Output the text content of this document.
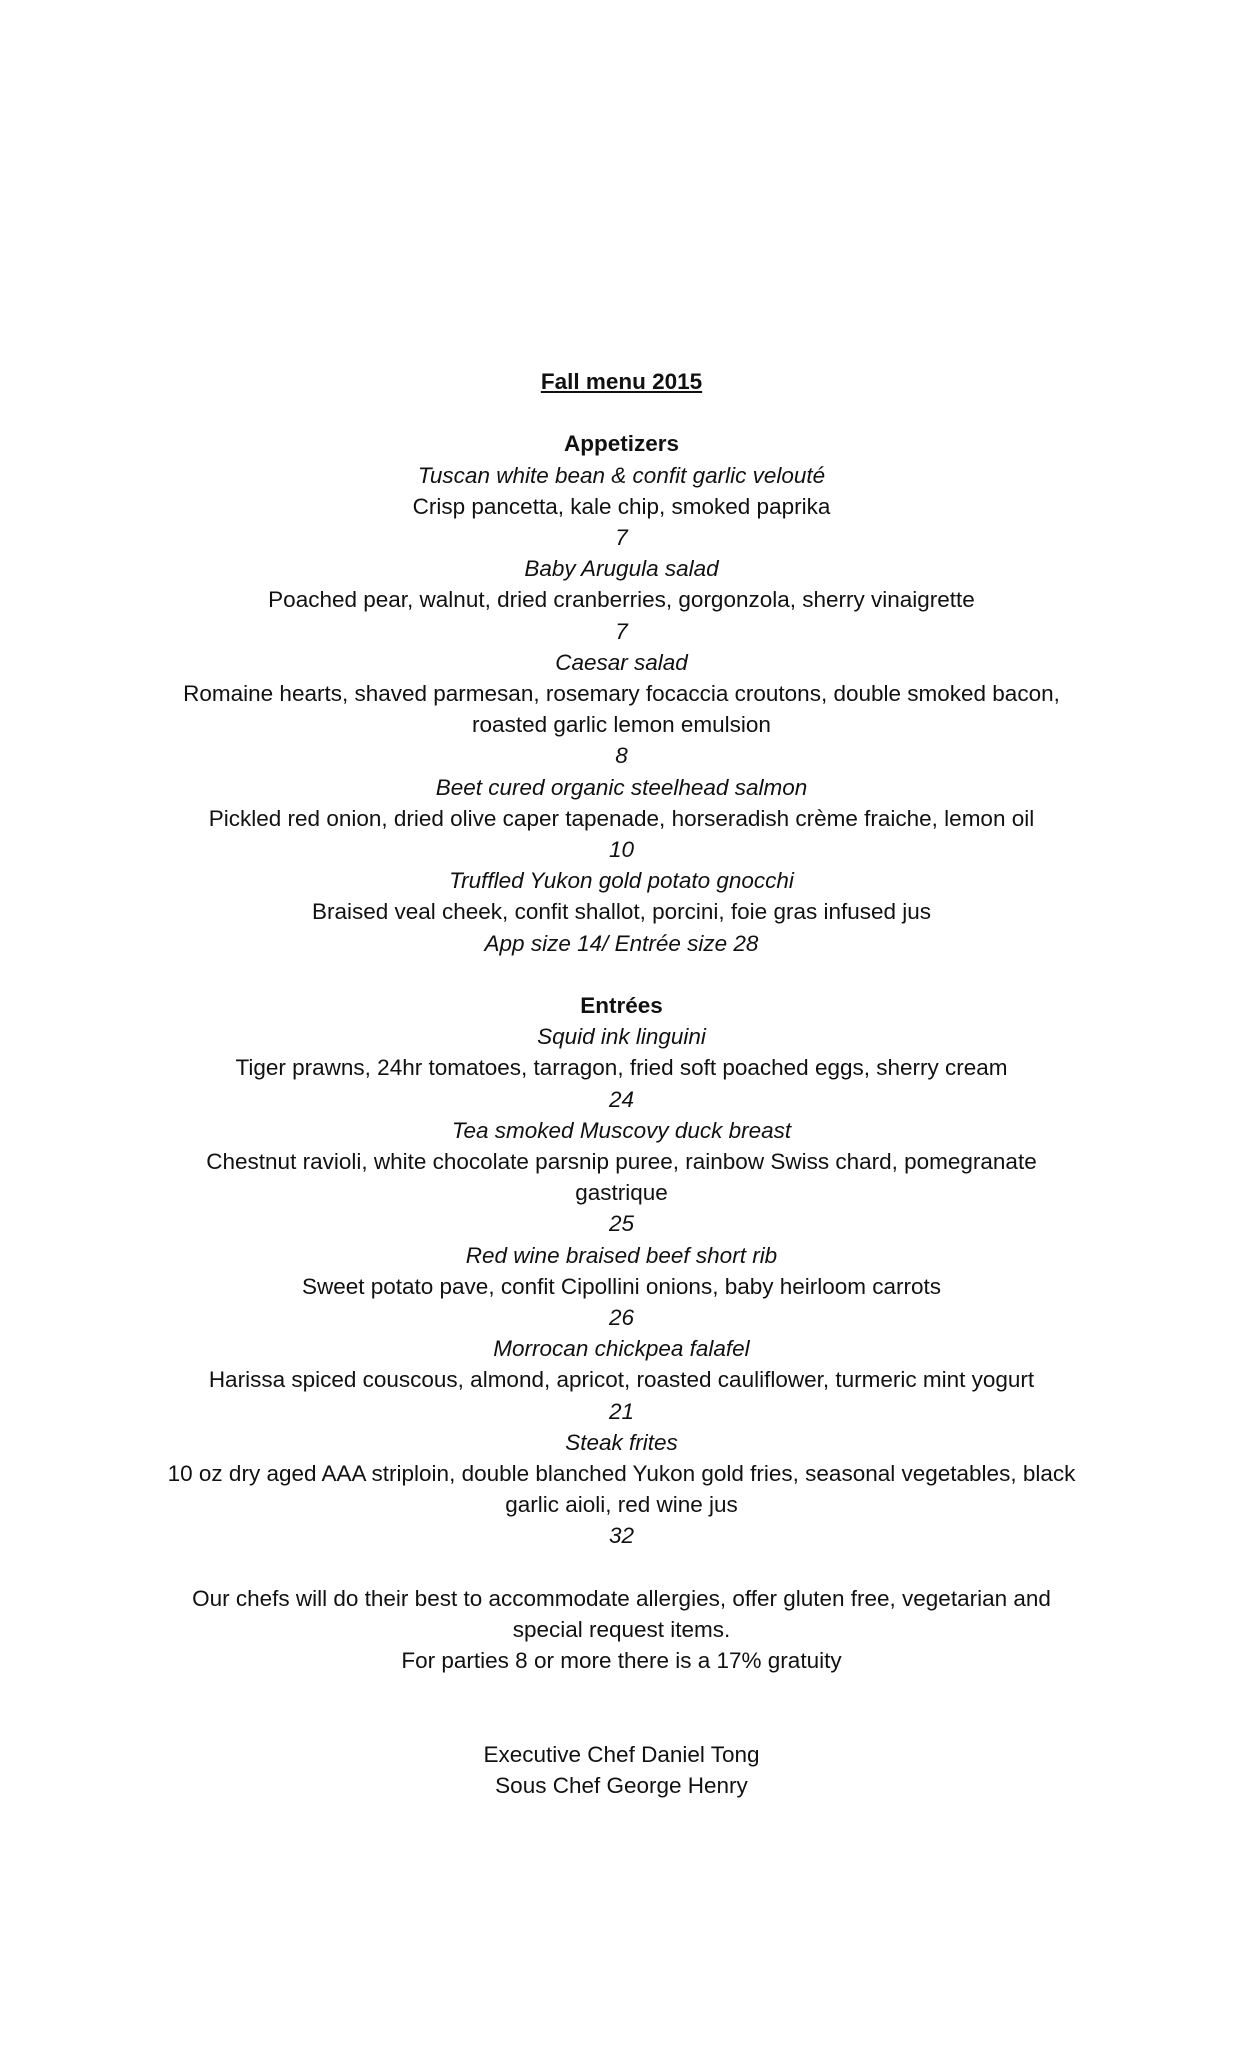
Fall menu 2015
Appetizers
Tuscan white bean & confit garlic velouté
Crisp pancetta, kale chip, smoked paprika
7
Baby Arugula salad
Poached pear, walnut, dried cranberries, gorgonzola, sherry vinaigrette
7
Caesar salad
Romaine hearts, shaved parmesan, rosemary focaccia croutons, double smoked bacon,
roasted garlic lemon emulsion
8
Beet cured organic steelhead salmon
Pickled red onion, dried olive caper tapenade, horseradish crème fraiche, lemon oil
10
Truffled Yukon gold potato gnocchi
Braised veal cheek, confit shallot, porcini, foie gras infused jus
App size 14/ Entrée size 28
Entrées
Squid ink linguini
Tiger prawns, 24hr tomatoes, tarragon, fried soft poached eggs, sherry cream
24
Tea smoked Muscovy duck breast
Chestnut ravioli, white chocolate parsnip puree, rainbow Swiss chard, pomegranate
gastrique
25
Red wine braised beef short rib
Sweet potato pave, confit Cipollini onions, baby heirloom carrots
26
Morrocan chickpea falafel
Harissa spiced couscous, almond, apricot, roasted cauliflower, turmeric mint yogurt
21
Steak frites
10 oz dry aged AAA striploin, double blanched Yukon gold fries, seasonal vegetables, black
garlic aioli, red wine jus
32
Our chefs will do their best to accommodate allergies, offer gluten free, vegetarian and
special request items.
For parties 8 or more there is a 17% gratuity
Executive Chef Daniel Tong
Sous Chef George Henry
